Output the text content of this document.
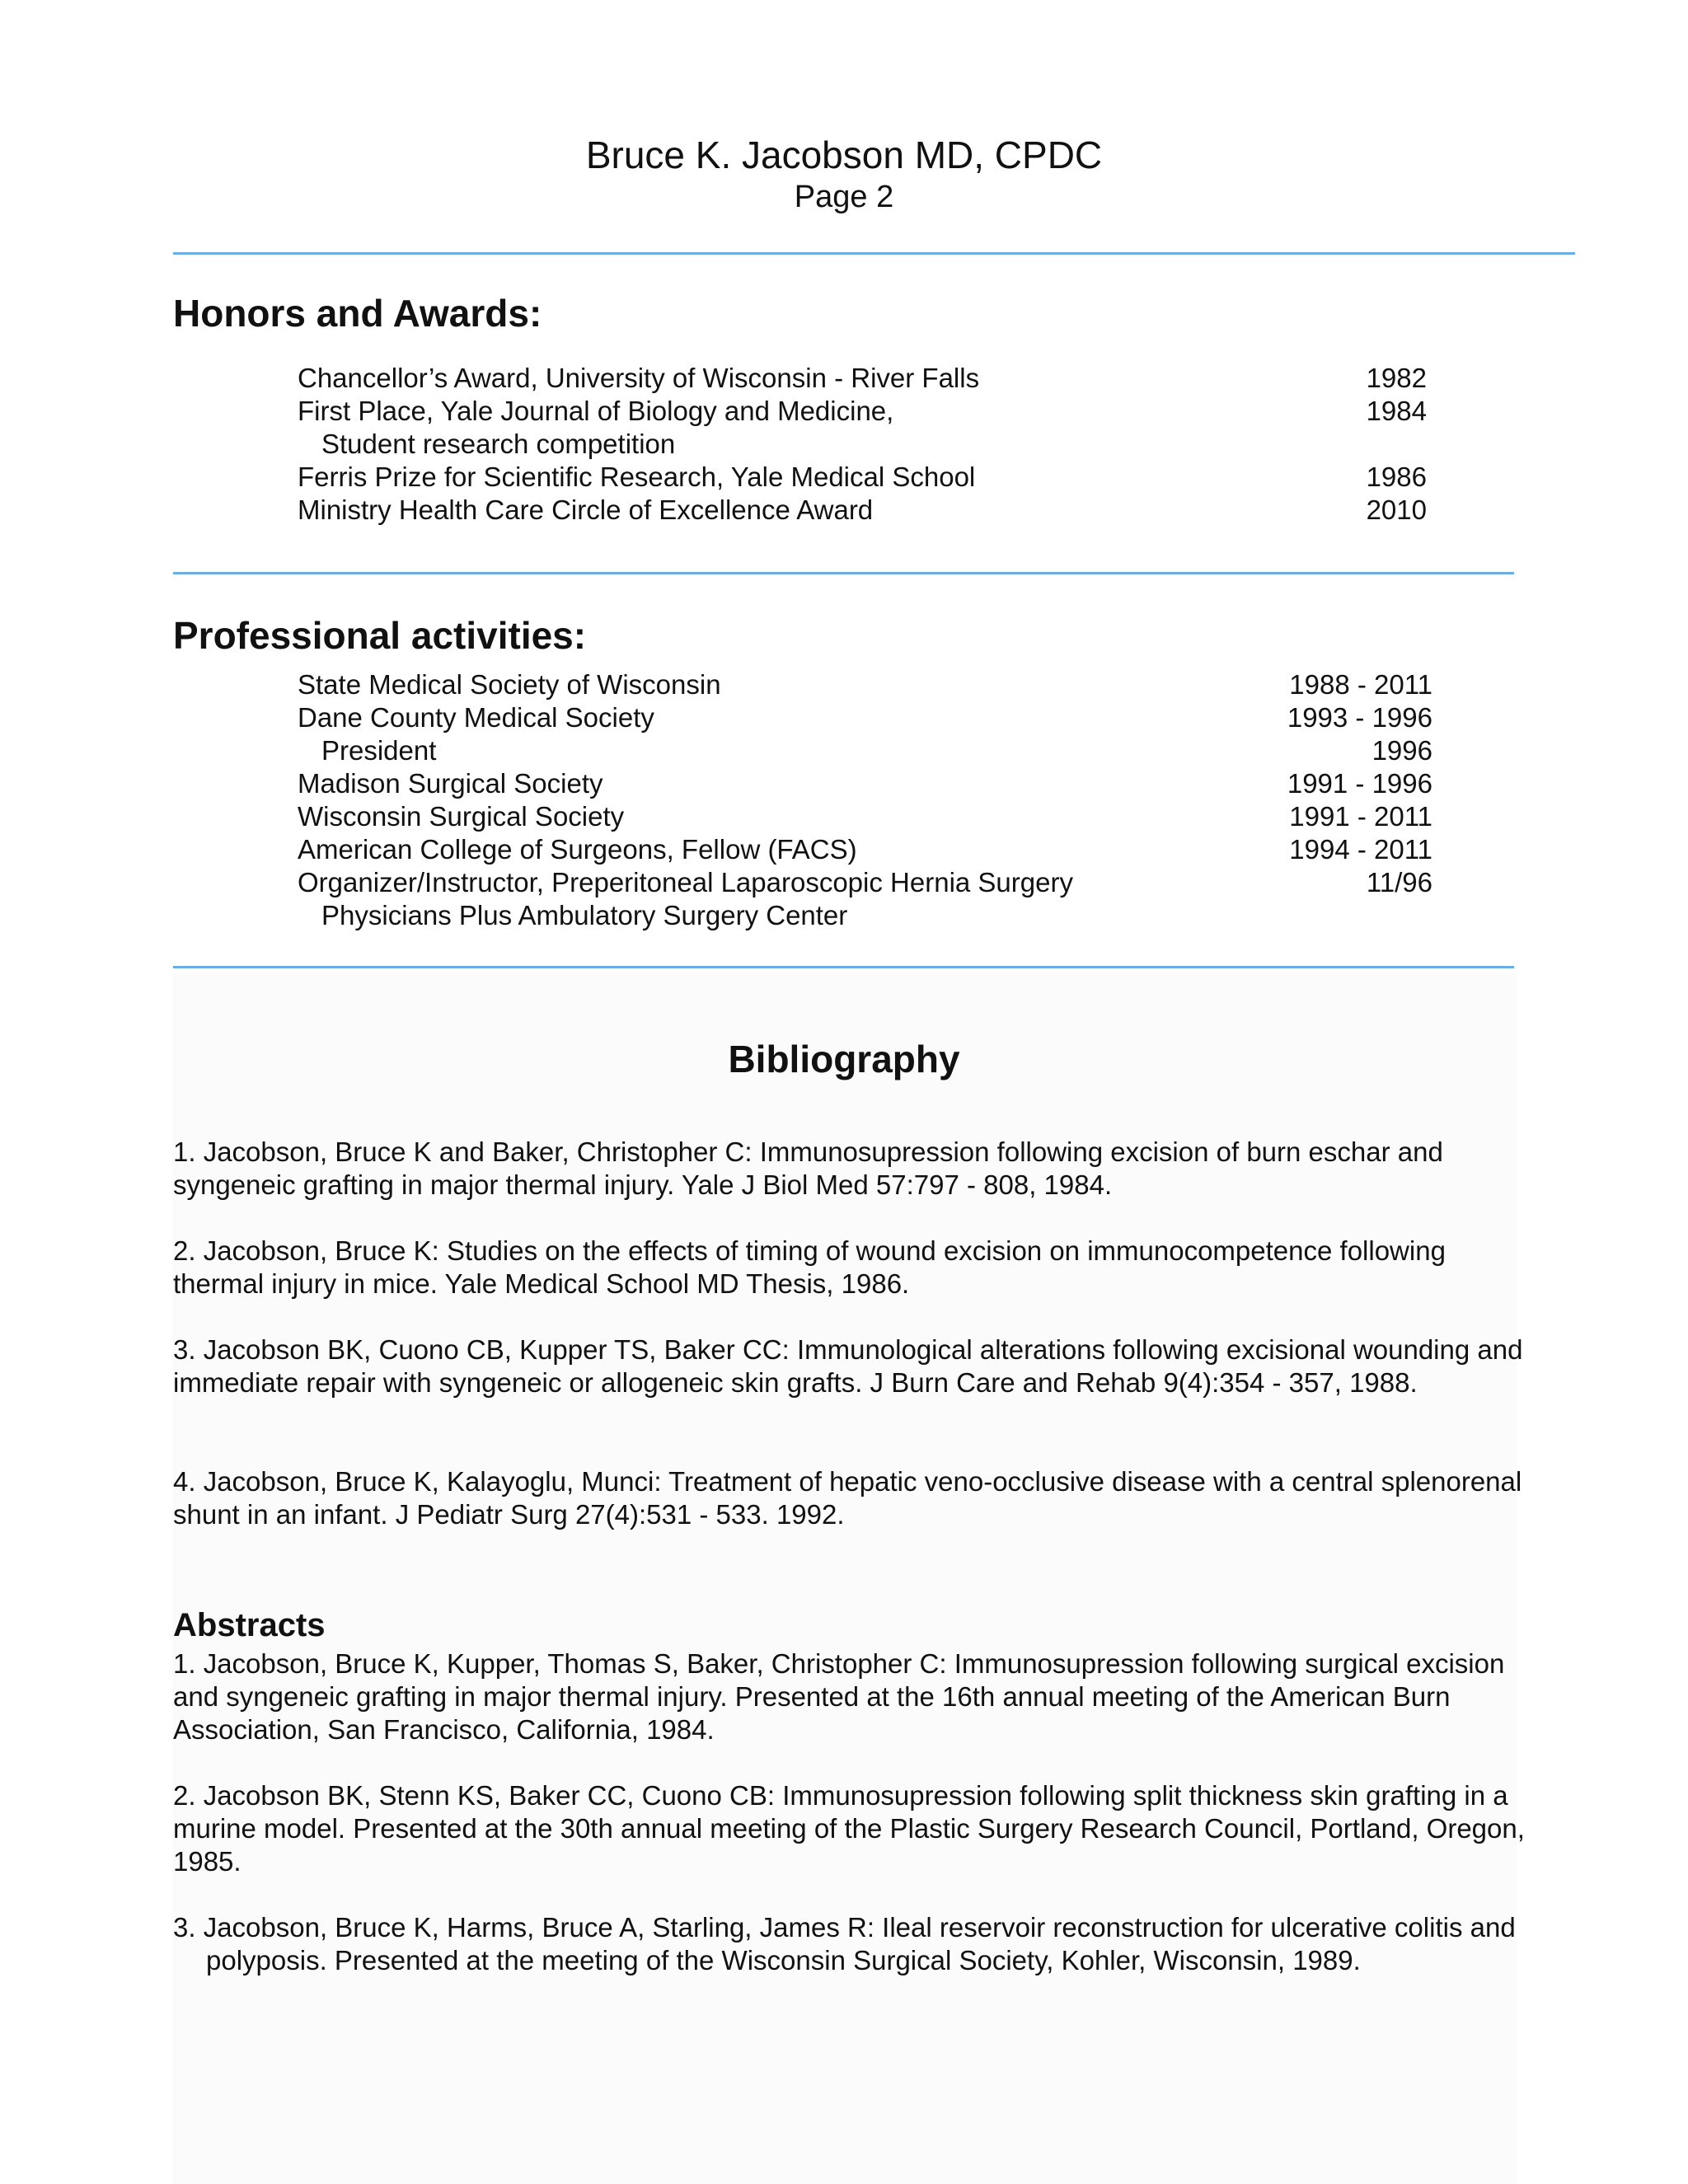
Bruce K. Jacobson MD, CPDC
Page 2
Honors and Awards:
Chancellor’s Award, University of Wisconsin - River Falls	1982
First Place, Yale Journal of Biology and Medicine,	1984
Student research competition
Ferris Prize for Scientific Research, Yale Medical School	1986
Ministry Health Care Circle of Excellence Award	2010
Professional activities:
State Medical Society of Wisconsin	1988 - 2011
Dane County Medical Society	1993 - 1996
President	1996
Madison Surgical Society	1991 - 1996
Wisconsin Surgical Society	1991 - 2011
American College of Surgeons, Fellow (FACS)	1994 - 2011
Organizer/Instructor, Preperitoneal Laparoscopic Hernia Surgery	11/96
Physicians Plus Ambulatory Surgery Center
Bibliography

1. Jacobson, Bruce K and Baker, Christopher C: Immunosupression following excision of burn eschar and syngeneic grafting in major thermal injury. Yale J Biol Med 57:797 - 808, 1984.

2. Jacobson, Bruce K: Studies on the effects of timing of wound excision on immunocompetence following thermal injury in mice. Yale Medical School MD Thesis, 1986.

3. Jacobson BK, Cuono CB, Kupper TS, Baker CC: Immunological alterations following excisional wounding and immediate repair with syngeneic or allogeneic skin grafts. J Burn Care and Rehab 9(4):354 - 357, 1988.

4. Jacobson, Bruce K, Kalayoglu, Munci: Treatment of hepatic veno-occlusive disease with a central splenorenal shunt in an infant. J Pediatr Surg 27(4):531 - 533. 1992.

Abstracts

1. Jacobson, Bruce K, Kupper, Thomas S, Baker, Christopher C: Immunosupression following surgical excision and syngeneic grafting in major thermal injury. Presented at the 16th annual meeting of the American Burn Association, San Francisco, California, 1984.

2. Jacobson BK, Stenn KS, Baker CC, Cuono CB: Immunosupression following split thickness skin grafting in a murine model. Presented at the 30th annual meeting of the Plastic Surgery Research Council, Portland, Oregon, 1985.

3. Jacobson, Bruce K, Harms, Bruce A, Starling, James R: Ileal reservoir reconstruction for ulcerative colitis and polyposis. Presented at the meeting of the Wisconsin Surgical Society, Kohler, Wisconsin, 1989.
